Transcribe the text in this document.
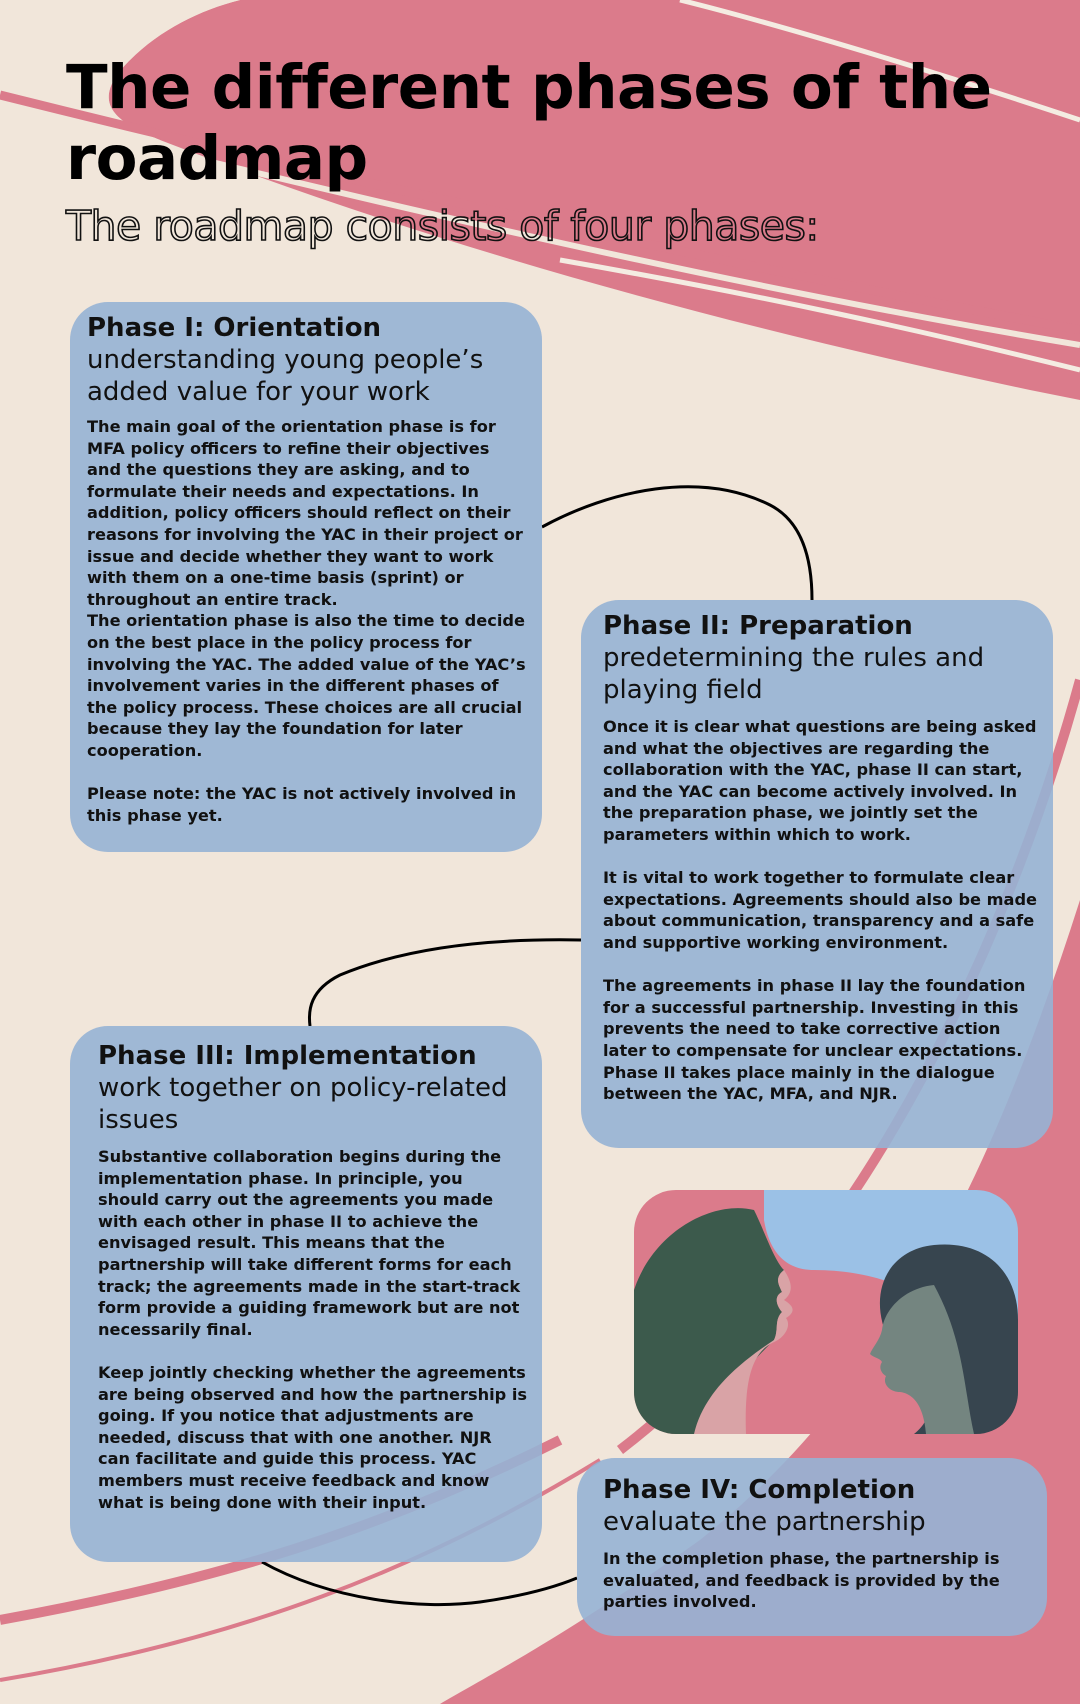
The different phases of the roadmap
The roadmap consists of four phases:
Phase I: Orientation
understanding young people’s added value for your work

The main goal of the orientation phase is for MFA policy officers to refine their objectives and the questions they are asking, and to formulate their needs and expectations. In addition, policy officers should reflect on their reasons for involving the YAC in their project or issue and decide whether they want to work with them on a one-time basis (sprint) or throughout an entire track.

The orientation phase is also the time to decide on the best place in the policy process for involving the YAC. The added value of the YAC’s involvement varies in the different phases of the policy process. These choices are all crucial because they lay the foundation for later cooperation.

Please note: the YAC is not actively involved in this phase yet.

Phase II: Preparation
predetermining the rules and playing field

Once it is clear what questions are being asked and what the objectives are regarding the collaboration with the YAC, phase II can start, and the YAC can become actively involved. In the preparation phase, we jointly set the parameters within which to work.

It is vital to work together to formulate clear expectations. Agreements should also be made about communication, transparency and a safe and supportive working environment.

The agreements in phase II lay the foundation for a successful partnership. Investing in this prevents the need to take corrective action later to compensate for unclear expectations. Phase II takes place mainly in the dialogue between the YAC, MFA, and NJR.

Phase III: Implementation
work together on policy-related issues

Substantive collaboration begins during the implementation phase. In principle, you should carry out the agreements you made with each other in phase II to achieve the envisaged result. This means that the partnership will take different forms for each track; the agreements made in the start-track form provide a guiding framework but are not necessarily final.

Keep jointly checking whether the agreements are being observed and how the partnership is going. If you notice that adjustments are needed, discuss that with one another. NJR can facilitate and guide this process. YAC members must receive feedback and know what is being done with their input.	Phase IV: Completion
evaluate the partnership

In the completion phase, the partnership is evaluated, and feedback is provided by the parties involved.
